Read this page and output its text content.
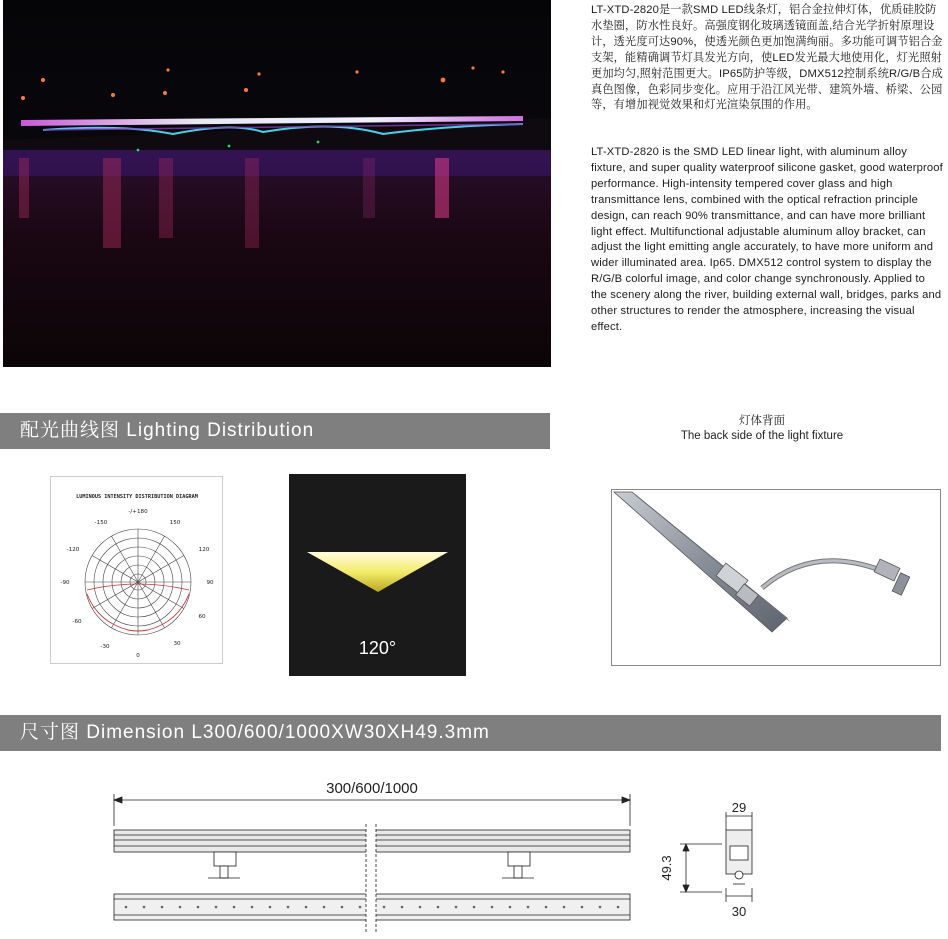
LT-XTD-2820是一款SMD LED线条灯，铝合金拉伸灯体，优质硅胶防水垫圈，防水性良好。高强度钢化玻璃透镜面盖,结合光学折射原理设计，透光度可达90%，使透光颜色更加饱满绚丽。多功能可调节铝合金支架，能精确调节灯具发光方向，使LED发光最大地使用化，灯光照射更加均匀,照射范围更大。IP65防护等级，DMX512控制系统R/G/B合成真色图像，色彩同步变化。应用于沿江风光带、建筑外墙、桥梁、公园等，有增加视觉效果和灯光渲染氛围的作用。

LT-XTD-2820 is the SMD LED linear light, with aluminum alloy fixture, and super quality waterproof silicone gasket, good waterproof performance. High-intensity tempered cover glass and high transmittance lens, combined with the optical refraction principle design, can reach 90% transmittance, and can have more brilliant light effect. Multifunctional adjustable aluminum alloy bracket, can adjust the light emitting angle accurately, to have more uniform and wider illuminated area. Ip65. DMX512 control system to display the R/G/B colorful image, and color change synchronously. Applied to the scenery along the river, building external wall, bridges, parks and other structures to render the atmosphere, increasing the visual effect.

配光曲线图 Lighting Distribution	灯体背面
The back side of the light fixture
LUMINOUS INTENSITY DISTRIBUTION DIAGRAM
-/+180
-150	150
-120	120
-90	90
-60
60
-30	30
0	120°
尺寸图 Dimension L300/600/1000XW30XH49.3mm
300/600/1000
29
49.3
30
